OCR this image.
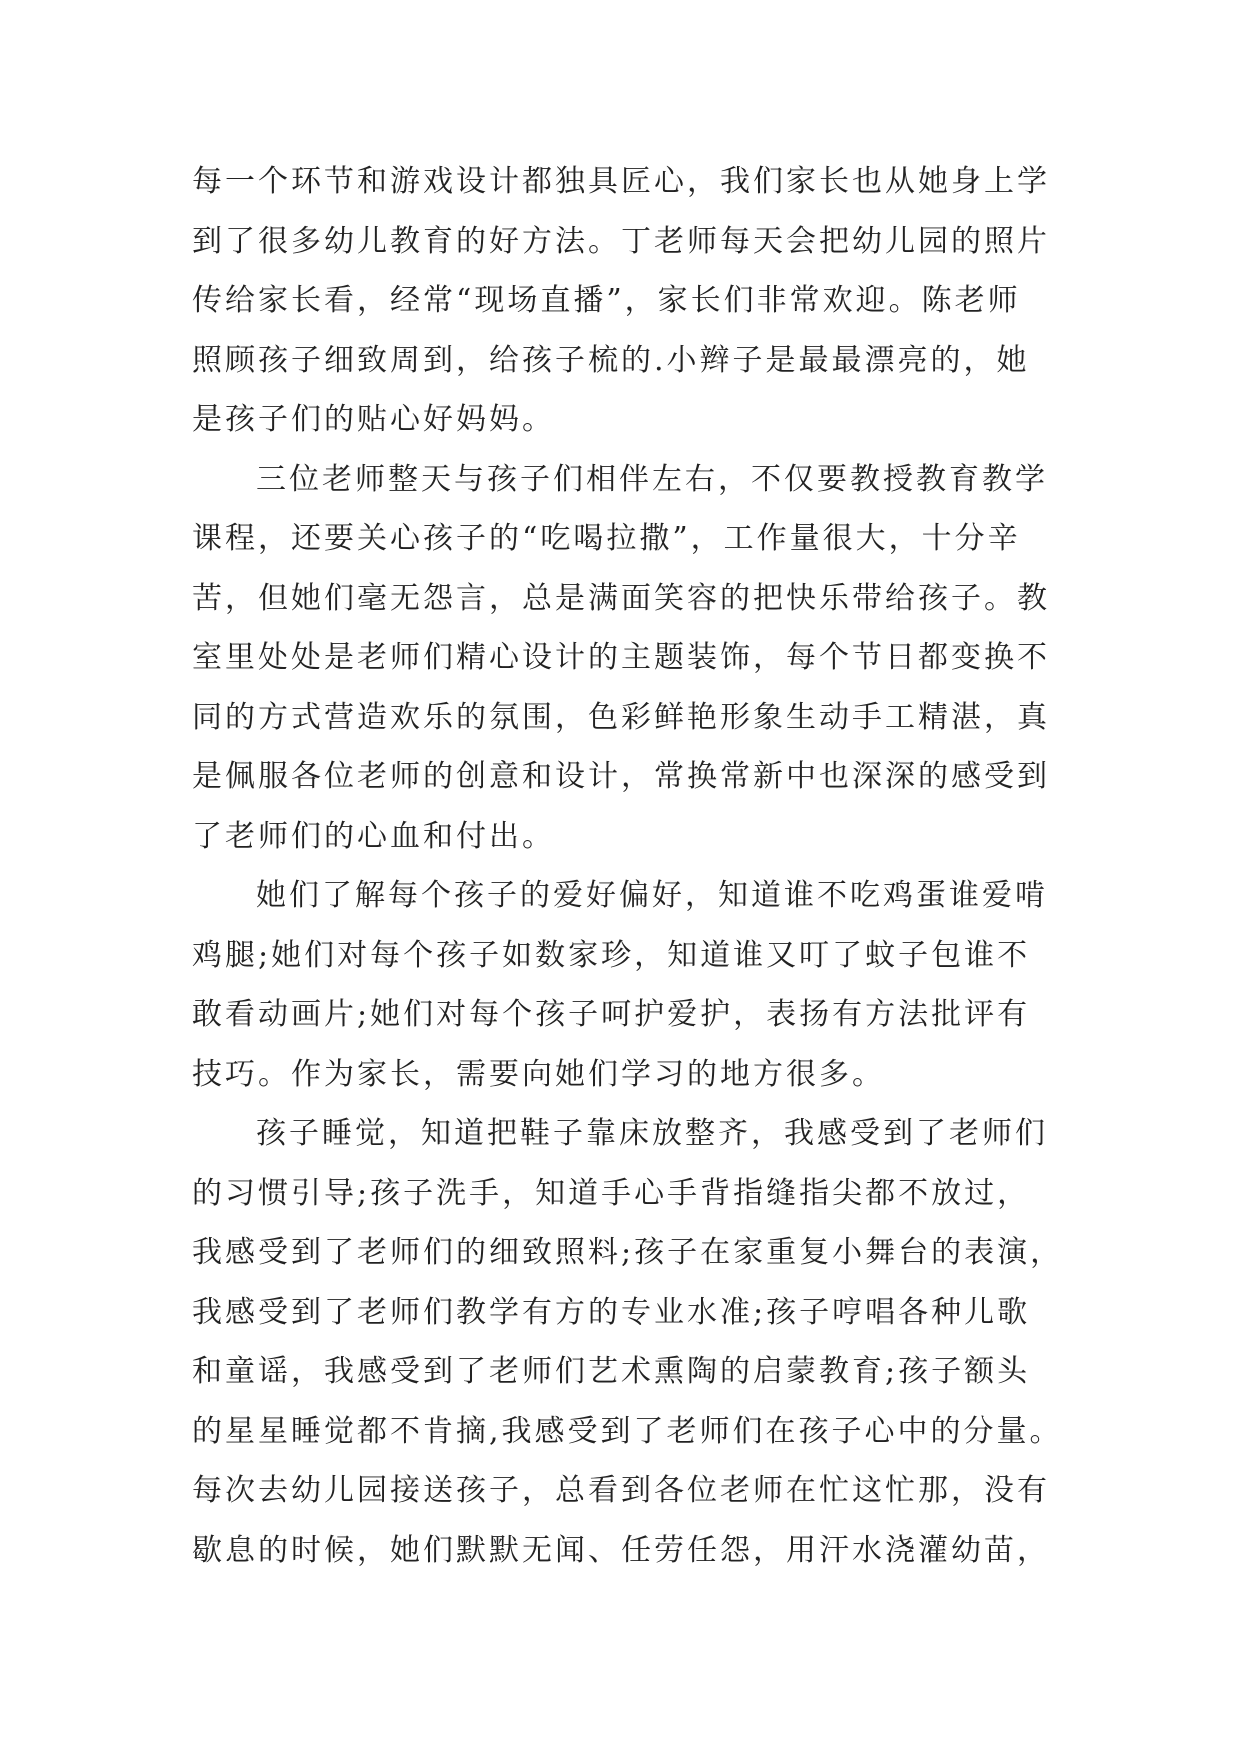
每一个环节和游戏设计都独具匠心，我们家长也从她身上学
到了很多幼儿教育的好方法。丁老师每天会把幼儿园的照片
传给家长看，经常“现场直播”，家长们非常欢迎。陈老师
照顾孩子细致周到，给孩子梳的.小辫子是最最漂亮的，她
是孩子们的贴心好妈妈。
三位老师整天与孩子们相伴左右，不仅要教授教育教学
课程，还要关心孩子的“吃喝拉撒”，工作量很大，十分辛
苦，但她们毫无怨言，总是满面笑容的把快乐带给孩子。教
室里处处是老师们精心设计的主题装饰，每个节日都变换不
同的方式营造欢乐的氛围，色彩鲜艳形象生动手工精湛，真
是佩服各位老师的创意和设计，常换常新中也深深的感受到
了老师们的心血和付出。
她们了解每个孩子的爱好偏好，知道谁不吃鸡蛋谁爱啃
鸡腿;她们对每个孩子如数家珍，知道谁又叮了蚊子包谁不
敢看动画片;她们对每个孩子呵护爱护，表扬有方法批评有
技巧。作为家长，需要向她们学习的地方很多。
孩子睡觉，知道把鞋子靠床放整齐，我感受到了老师们
的习惯引导;孩子洗手，知道手心手背指缝指尖都不放过，
我感受到了老师们的细致照料;孩子在家重复小舞台的表演，
我感受到了老师们教学有方的专业水准;孩子哼唱各种儿歌
和童谣，我感受到了老师们艺术熏陶的启蒙教育;孩子额头
的星星睡觉都不肯摘,我感受到了老师们在孩子心中的分量。
每次去幼儿园接送孩子，总看到各位老师在忙这忙那，没有
歇息的时候，她们默默无闻、任劳任怨，用汗水浇灌幼苗，
